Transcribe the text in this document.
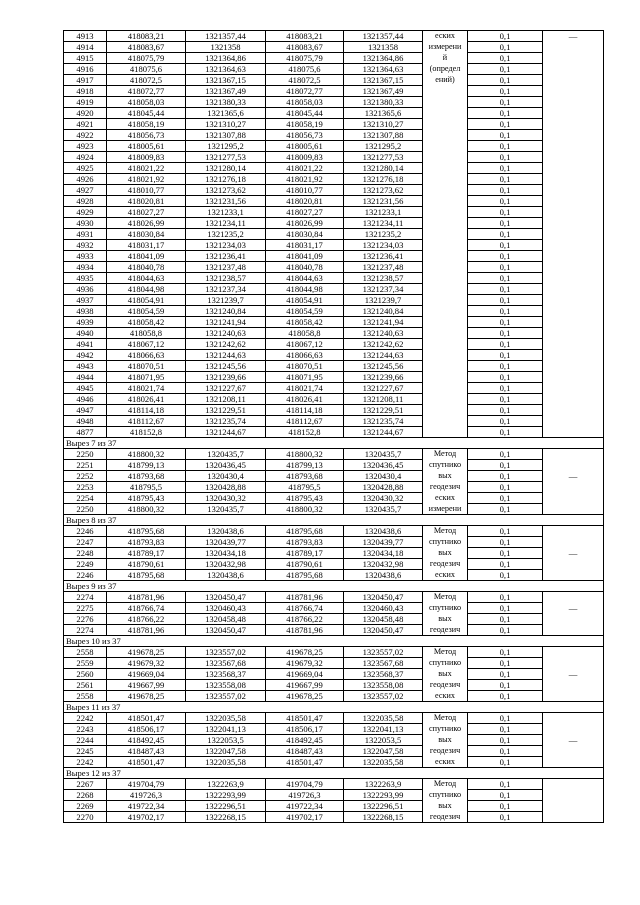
4913	418083,21	1321357,44	418083,21	1321357,44	еских	0,1	—
4914	418083,67	1321358	418083,67	1321358	измерени	0,1	
4915	418075,79	1321364,86	418075,79	1321364,86	й	0,1	
4916	418075,6	1321364,63	418075,6	1321364,63	(определ	0,1	
4917	418072,5	1321367,15	418072,5	1321367,15	ений)	0,1	
4918	418072,77	1321367,49	418072,77	1321367,49		0,1	
4919	418058,03	1321380,33	418058,03	1321380,33		0,1	
4920	418045,44	1321365,6	418045,44	1321365,6		0,1	
4921	418058,19	1321310,27	418058,19	1321310,27		0,1	
4922	418056,73	1321307,88	418056,73	1321307,88		0,1	
4923	418005,61	1321295,2	418005,61	1321295,2		0,1	
4924	418009,83	1321277,53	418009,83	1321277,53		0,1	
4925	418021,22	1321280,14	418021,22	1321280,14		0,1	
4926	418021,92	1321276,18	418021,92	1321276,18		0,1	
4927	418010,77	1321273,62	418010,77	1321273,62		0,1	
4928	418020,81	1321231,56	418020,81	1321231,56		0,1	
4929	418027,27	1321233,1	418027,27	1321233,1		0,1	
4930	418026,99	1321234,11	418026,99	1321234,11		0,1	
4931	418030,84	1321235,2	418030,84	1321235,2		0,1	
4932	418031,17	1321234,03	418031,17	1321234,03		0,1	
4933	418041,09	1321236,41	418041,09	1321236,41		0,1	
4934	418040,78	1321237,48	418040,78	1321237,48		0,1	
4935	418044,63	1321238,57	418044,63	1321238,57		0,1	
4936	418044,98	1321237,34	418044,98	1321237,34		0,1	
4937	418054,91	1321239,7	418054,91	1321239,7		0,1	
4938	418054,59	1321240,84	418054,59	1321240,84		0,1	
4939	418058,42	1321241,94	418058,42	1321241,94		0,1	
4940	418058,8	1321240,63	418058,8	1321240,63		0,1	
4941	418067,12	1321242,62	418067,12	1321242,62		0,1	
4942	418066,63	1321244,63	418066,63	1321244,63		0,1	
4943	418070,51	1321245,56	418070,51	1321245,56		0,1	
4944	418071,95	1321239,66	418071,95	1321239,66		0,1	
4945	418021,74	1321227,67	418021,74	1321227,67		0,1	
4946	418026,41	1321208,11	418026,41	1321208,11		0,1	
4947	418114,18	1321229,51	418114,18	1321229,51		0,1	
4948	418112,67	1321235,74	418112,67	1321235,74		0,1	
4877	418152,8	1321244,67	418152,8	1321244,67		0,1	
Вырез 7 из 37							
2250	418800,32	1320435,7	418800,32	1320435,7	Метод	0,1	
2251	418799,13	1320436,45	418799,13	1320436,45	спутнико	0,1	
2252	418793,68	1320430,4	418793,68	1320430,4	вых	0,1	—
2253	418795,5	1320428,88	418795,5	1320428,88	геодезич	0,1	
2254	418795,43	1320430,32	418795,43	1320430,32	еских	0,1	
2250	418800,32	1320435,7	418800,32	1320435,7	измерени	0,1	
Вырез 8 из 37							
2246	418795,68	1320438,6	418795,68	1320438,6	Метод	0,1	
2247	418793,83	1320439,77	418793,83	1320439,77	спутнико	0,1	
2248	418789,17	1320434,18	418789,17	1320434,18	вых	0,1	—
2249	418790,61	1320432,98	418790,61	1320432,98	геодезич	0,1	
2246	418795,68	1320438,6	418795,68	1320438,6	еских	0,1	
Вырез 9 из 37							
2274	418781,96	1320450,47	418781,96	1320450,47	Метод	0,1	
2275	418766,74	1320460,43	418766,74	1320460,43	спутнико	0,1	—
2276	418766,22	1320458,48	418766,22	1320458,48	вых	0,1	
2274	418781,96	1320450,47	418781,96	1320450,47	геодезич	0,1	
Вырез 10 из 37							
2558	419678,25	1323557,02	419678,25	1323557,02	Метод	0,1	
2559	419679,32	1323567,68	419679,32	1323567,68	спутнико	0,1	
2560	419669,04	1323568,37	419669,04	1323568,37	вых	0,1	—
2561	419667,99	1323558,08	419667,99	1323558,08	геодезич	0,1	
2558	419678,25	1323557,02	419678,25	1323557,02	еских	0,1	
Вырез 11 из 37							
2242	418501,47	1322035,58	418501,47	1322035,58	Метод	0,1	
2243	418506,17	1322041,13	418506,17	1322041,13	спутнико	0,1	
2244	418492,45	1322053,5	418492,45	1322053,5	вых	0,1	—
2245	418487,43	1322047,58	418487,43	1322047,58	геодезич	0,1	
2242	418501,47	1322035,58	418501,47	1322035,58	еских	0,1	
Вырез 12 из 37							
2267	419704,79	1322263,9	419704,79	1322263,9	Метод	0,1	
2268	419726,3	1322293,99	419726,3	1322293,99	спутнико	0,1	
2269	419722,34	1322296,51	419722,34	1322296,51	вых	0,1	
2270	419702,17	1322268,15	419702,17	1322268,15	геодезич	0,1	
